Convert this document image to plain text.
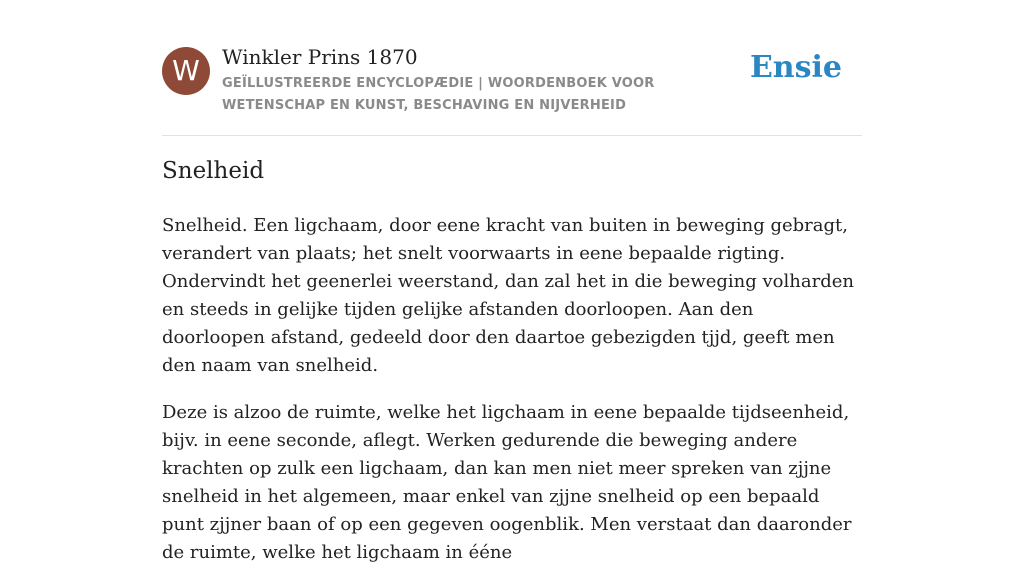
W	Winkler Prins 1870
GEÏLLUSTREERDE ENCYCLOPÆDIE | WOORDENBOEK VOOR WETENSCHAP EN KUNST, BESCHAVING EN NIJVERHEID
Ensie
Snelheid

Snelheid. Een ligchaam, door eene kracht van buiten in beweging gebragt, verandert van plaats; het snelt voorwaarts in eene bepaalde rigting. Ondervindt het geenerlei weerstand, dan zal het in die beweging volharden en steeds in gelijke tijden gelijke afstanden doorloopen. Aan den doorloopen afstand, gedeeld door den daartoe gebezigden tjjd, geeft men den naam van snelheid.

Deze is alzoo de ruimte, welke het ligchaam in eene bepaalde tijdseenheid, bijv. in eene seconde, aflegt. Werken gedurende die beweging andere krachten op zulk een ligchaam, dan kan men niet meer spreken van zjjne snelheid in het algemeen, maar enkel van zjjne snelheid op een bepaald punt zjjner baan of op een gegeven oogenblik. Men verstaat dan daaronder de ruimte, welke het ligchaam in ééne
